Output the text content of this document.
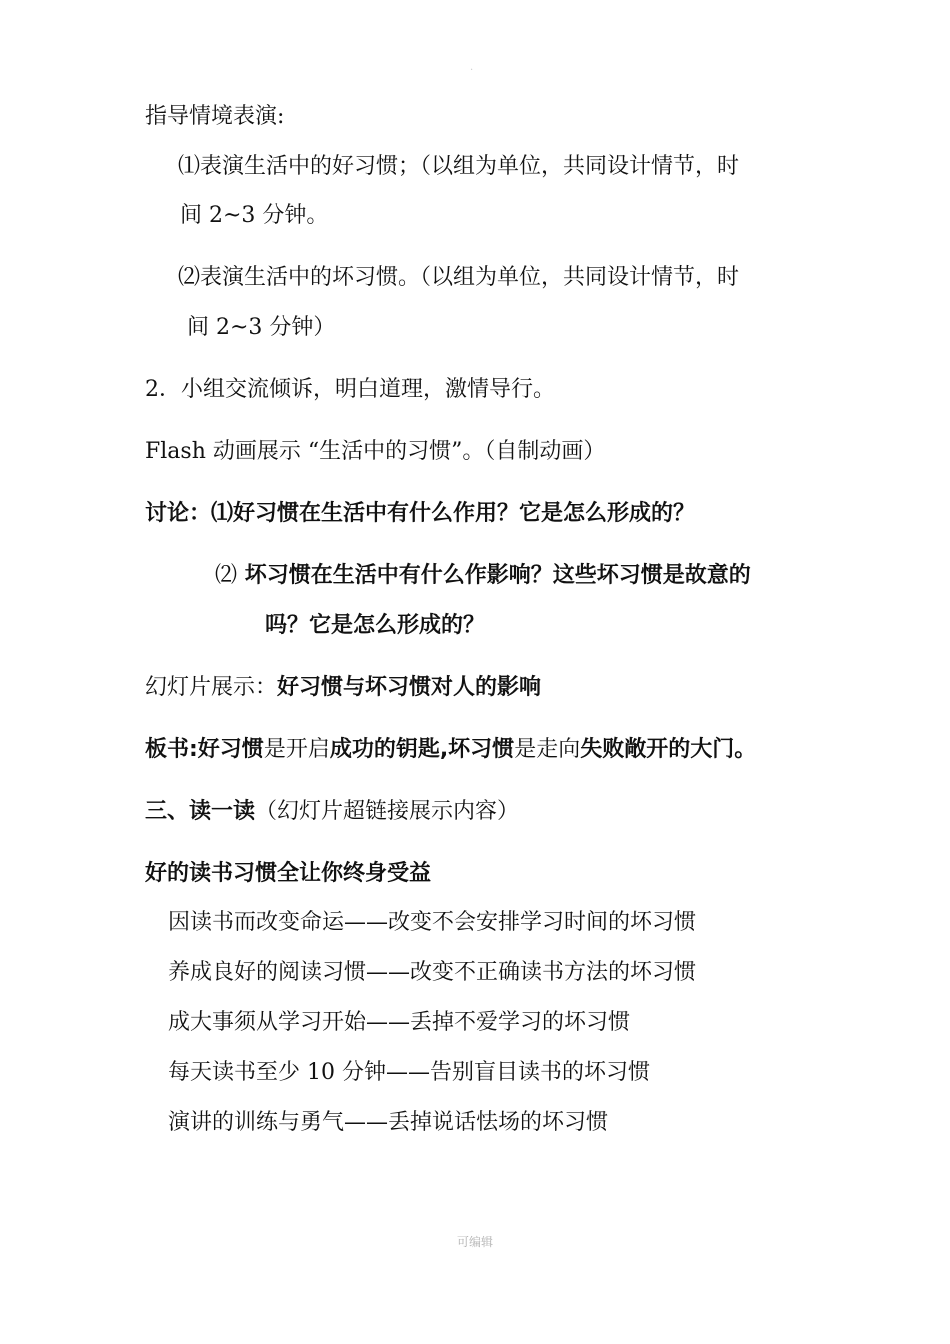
.
指导情境表演:
⑴表演生活中的好习惯；（以组为单位，共同设计情节，时
间 2~3 分钟。
⑵表演生活中的坏习惯。（以组为单位，共同设计情节，时
间 2~3 分钟）
2．小组交流倾诉，明白道理，激情导行。
Flash 动画展示 “生活中的习惯”。（自制动画）
讨论：⑴好习惯在生活中有什么作用？它是怎么形成的？
⑵ 坏习惯在生活中有什么作影响？这些坏习惯是故意的
吗？它是怎么形成的？
幻灯片展示：好习惯与坏习惯对人的影响
板书:好习惯是开启成功的钥匙,坏习惯是走向失败敞开的大门。
三、读一读（幻灯片超链接展示内容）
好的读书习惯全让你终身受益
因读书而改变命运——改变不会安排学习时间的坏习惯
养成良好的阅读习惯——改变不正确读书方法的坏习惯
成大事须从学习开始——丢掉不爱学习的坏习惯
每天读书至少 10 分钟——告别盲目读书的坏习惯
演讲的训练与勇气——丢掉说话怯场的坏习惯
可编辑
